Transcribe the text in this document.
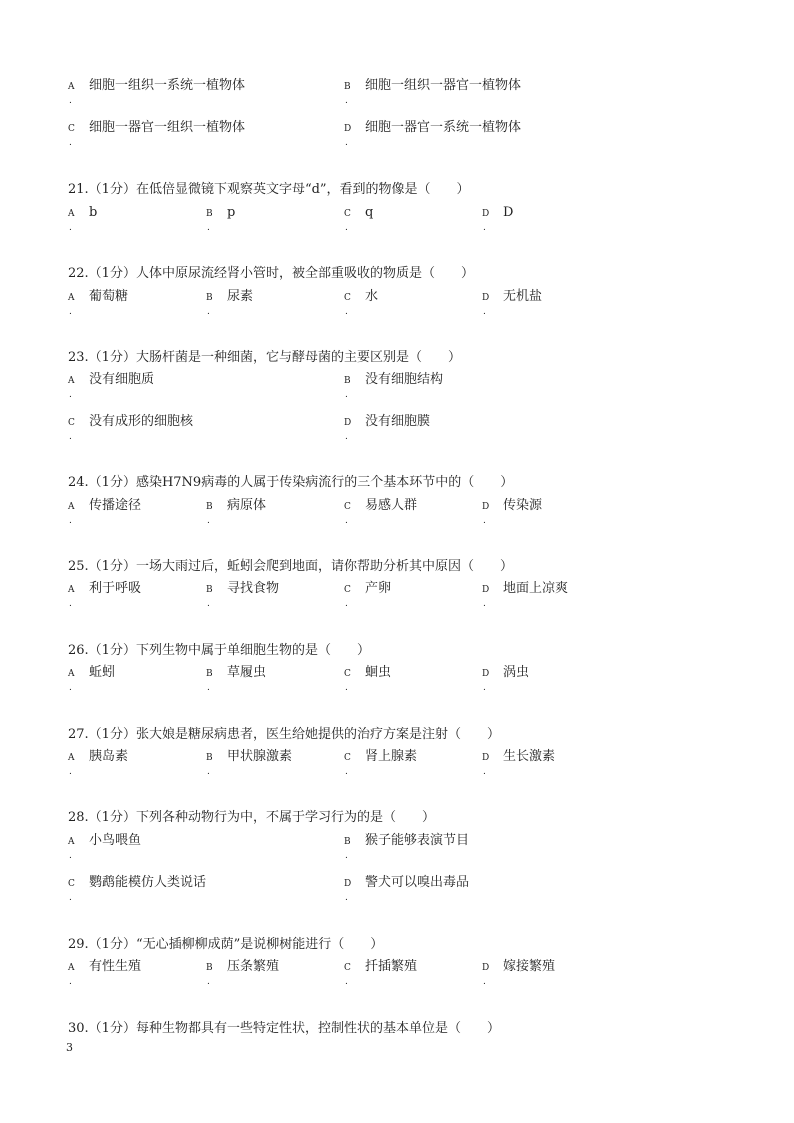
A
.
细胞一组织一系统一植物体	B
.
细胞一组织一器官一植物体
C
.
细胞一器官一组织一植物体	D
.
细胞一器官一系统一植物体
21.（1分）在低倍显微镜下观察英文字母“d”，看到的物像是（　　）
A
.
b	B
.
p	C
.
q	D
.
D
22.（1分）人体中原尿流经肾小管时，被全部重吸收的物质是（　　）
A
.
葡萄糖	B
.
尿素	C
.
水	D
.
无机盐
23.（1分）大肠杆菌是一种细菌，它与酵母菌的主要区别是（　　）
A
.
没有细胞质	B
.
没有细胞结构
C
.
没有成形的细胞核	D
.
没有细胞膜
24.（1分）感染H7N9病毒的人属于传染病流行的三个基本环节中的（　　）
A
.
传播途径	B
.
病原体	C
.
易感人群	D
.
传染源
25.（1分）一场大雨过后，蚯蚓会爬到地面，请你帮助分析其中原因（　　）
A
.
利于呼吸	B
.
寻找食物	C
.
产卵	D
.
地面上凉爽
26.（1分）下列生物中属于单细胞生物的是（　　）
A
.
蚯蚓	B
.
草履虫	C
.
蛔虫	D
.
涡虫
27.（1分）张大娘是糖尿病患者，医生给她提供的治疗方案是注射（　　）
A
.
胰岛素	B
.
甲状腺激素	C
.
肾上腺素	D
.
生长激素
28.（1分）下列各种动物行为中，不属于学习行为的是（　　）
A
.
小鸟喂鱼	B
.
猴子能够表演节目
C
.
鹦鹉能模仿人类说话	D
.
警犬可以嗅出毒品
29.（1分）“无心插柳柳成荫”是说柳树能进行（　　）
A
.
有性生殖	B
.
压条繁殖	C
.
扦插繁殖	D
.
嫁接繁殖
30.（1分）每种生物都具有一些特定性状，控制性状的基本单位是（　　）
3
